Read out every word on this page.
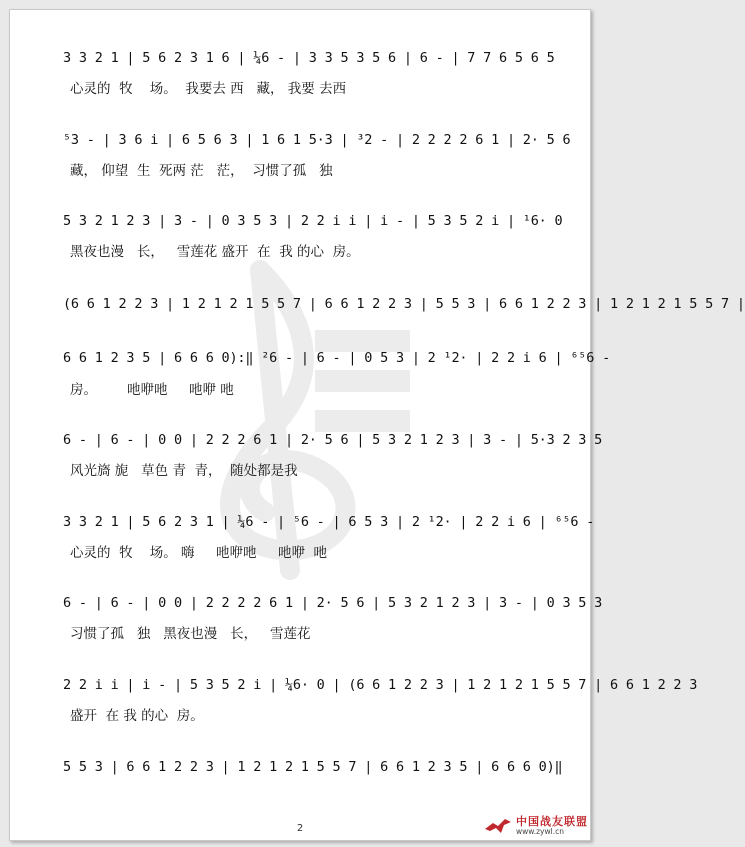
3 3 2 1 | 5 6 2 3 1 6 | ¼6 - | 3 3 5 3 5 6 | 6 - | 7 7 6 5 6 5
心灵的  牧    场。  我要去 西   藏， 我要 去西
⁵3 - | 3 6 i | 6 5 6 3 | 1 6 1 5·3 | ³2 - | 2 2 2 2 6 1 | 2· 5 6
藏， 仰望  生  死两 茫   茫，  习惯了孤   独
5 3 2 1 2 3 | 3 - | 0 3 5 3 | 2 2 i i | i - | 5 3 5 2 i | ¹6· 0
黑夜也漫   长，   雪莲花 盛开  在  我 的心  房。
(6 6 1 2 2 3 | 1 2 1 2 1 5 5 7 | 6 6 1 2 2 3 | 5 5 3 | 6 6 1 2 2 3 | 1 2 1 2 1 5 5 7 |
6 6 1 2 3 5 | 6 6 6 0):‖ ²6 - | 6 - | 0 5 3 | 2 ¹2· | 2 2 i 6 | ⁶⁵6 -
房。       吔咿吔     吔咿 吔
6 - | 6 - | 0 0 | 2 2 2 6 1 | 2· 5 6 | 5 3 2 1 2 3 | 3 - | 5·3 2 3 5
风光旖 旎   草色 青  青，  随处都是我
3 3 2 1 | 5 6 2 3 1 | ¼6 - | ⁵6 - | 6 5 3 | 2 ¹2· | 2 2 i 6 | ⁶⁵6 -
心灵的  牧    场。 嗨     吔咿吔     吔咿  吔
6 - | 6 - | 0 0 | 2 2 2 2 6 1 | 2· 5 6 | 5 3 2 1 2 3 | 3 - | 0 3 5 3
习惯了孤   独   黑夜也漫   长，   雪莲花
2 2 i i | i - | 5 3 5 2 i | ¼6· 0 | (6 6 1 2 2 3 | 1 2 1 2 1 5 5 7 | 6 6 1 2 2 3
盛开  在 我 的心  房。
5 5 3 | 6 6 1 2 2 3 | 1 2 1 2 1 5 5 7 | 6 6 1 2 3 5 | 6 6 6 0)‖
2
中国战友联盟
www.zywl.cn
